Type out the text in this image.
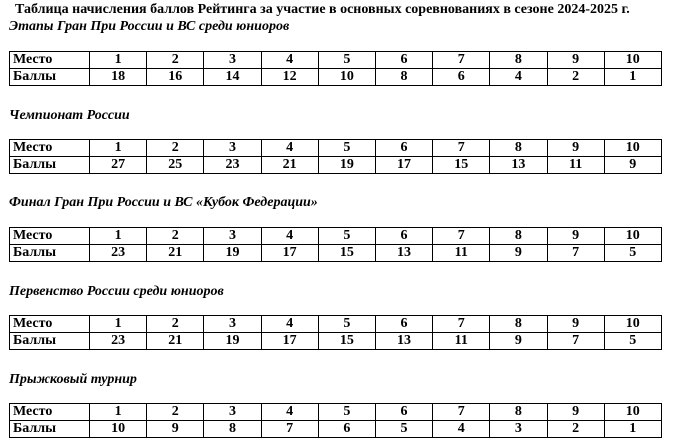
Таблица начисления баллов Рейтинга за участие в основных соревнованиях в сезоне 2024-2025 г.
Этапы Гран При России и ВС среди юниоров
Место	1	2	3	4	5	6	7	8	9	10
Баллы	18	16	14	12	10	8	6	4	2	1
Чемпионат России
Место	1	2	3	4	5	6	7	8	9	10
Баллы	27	25	23	21	19	17	15	13	11	9
Финал Гран При России и ВС «Кубок Федерации»
Место	1	2	3	4	5	6	7	8	9	10
Баллы	23	21	19	17	15	13	11	9	7	5
Первенство России среди юниоров
Место	1	2	3	4	5	6	7	8	9	10
Баллы	23	21	19	17	15	13	11	9	7	5
Прыжковый турнир
Место	1	2	3	4	5	6	7	8	9	10
Баллы	10	9	8	7	6	5	4	3	2	1
